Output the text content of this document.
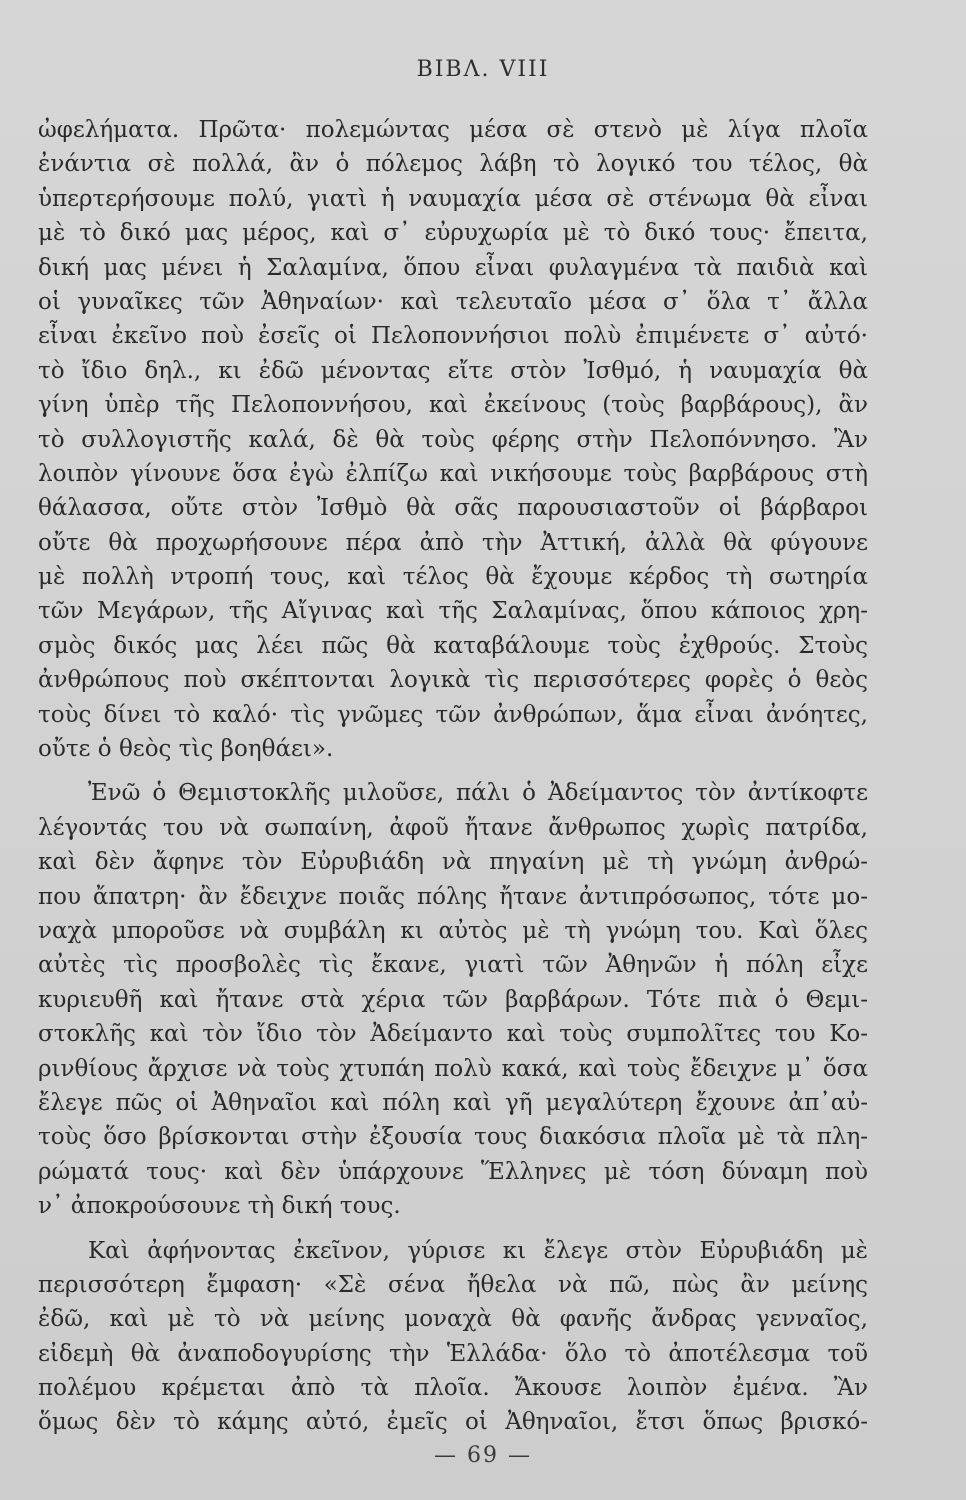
ΒΙΒΛ. VIII
ὠφελήματα. Πρῶτα· πολεμώντας μέσα σὲ στενὸ μὲ λίγα πλοῖα
ἐνάντια σὲ πολλά, ἂν ὁ πόλεμος λάβη τὸ λογικό του τέλος, θὰ
ὑπερτερήσουμε πολύ, γιατὶ ἡ ναυμαχία μέσα σὲ στένωμα θὰ εἶναι
μὲ τὸ δικό μας μέρος, καὶ σ᾽ εὐρυχωρία μὲ τὸ δικό τους· ἔπειτα,
δική μας μένει ἡ Σαλαμίνα, ὅπου εἶναι φυλαγμένα τὰ παιδιὰ καὶ
οἱ γυναῖκες τῶν Ἀθηναίων· καὶ τελευταῖο μέσα σ᾽ ὅλα τ᾽ ἄλλα
εἶναι ἐκεῖνο ποὺ ἐσεῖς οἱ Πελοποννήσιοι πολὺ ἐπιμένετε σ᾽ αὐτό·
τὸ ἴδιο δηλ., κι ἐδῶ μένοντας εἴτε στὸν Ἰσθμό, ἡ ναυμαχία θὰ
γίνη ὑπὲρ τῆς Πελοποννήσου, καὶ ἐκείνους (τοὺς βαρβάρους), ἂν
τὸ συλλογιστῆς καλά, δὲ θὰ τοὺς φέρης στὴν Πελοπόννησο. Ἂν
λοιπὸν γίνουνε ὅσα ἐγὼ ἐλπίζω καὶ νικήσουμε τοὺς βαρβάρους στὴ
θάλασσα, οὔτε στὸν Ἰσθμὸ θὰ σᾶς παρουσιαστοῦν οἱ βάρβαροι
οὔτε θὰ προχωρήσουνε πέρα ἀπὸ τὴν Ἀττική, ἀλλὰ θὰ φύγουνε
μὲ πολλὴ ντροπή τους, καὶ τέλος θὰ ἔχουμε κέρδος τὴ σωτηρία
τῶν Μεγάρων, τῆς Αἴγινας καὶ τῆς Σαλαμίνας, ὅπου κάποιος χρη-
σμὸς δικός μας λέει πῶς θὰ καταβάλουμε τοὺς ἐχθρούς. Στοὺς
ἀνθρώπους ποὺ σκέπτονται λογικὰ τὶς περισσότερες φορὲς ὁ θεὸς
τοὺς δίνει τὸ καλό· τὶς γνῶμες τῶν ἀνθρώπων, ἅμα εἶναι ἀνόητες,
οὔτε ὁ θεὸς τὶς βοηθάει».
Ἐνῶ ὁ Θεμιστοκλῆς μιλοῦσε, πάλι ὁ Ἀδείμαντος τὸν ἀντίκοφτε
λέγοντάς του νὰ σωπαίνη, ἀφοῦ ἤτανε ἄνθρωπος χωρὶς πατρίδα,
καὶ δὲν ἄφηνε τὸν Εὐρυβιάδη νὰ πηγαίνη μὲ τὴ γνώμη ἀνθρώ-
που ἄπατρη· ἂν ἔδειχνε ποιᾶς πόλης ἤτανε ἀντιπρόσωπος, τότε μο-
ναχὰ μποροῦσε νὰ συμβάλη κι αὐτὸς μὲ τὴ γνώμη του. Καὶ ὅλες
αὐτὲς τὶς προσβολὲς τὶς ἔκανε, γιατὶ τῶν Ἀθηνῶν ἡ πόλη εἶχε
κυριευθῆ καὶ ἤτανε στὰ χέρια τῶν βαρβάρων. Τότε πιὰ ὁ Θεμι-
στοκλῆς καὶ τὸν ἴδιο τὸν Ἀδείμαντο καὶ τοὺς συμπολῖτες του Κο-
ρινθίους ἄρχισε νὰ τοὺς χτυπάη πολὺ κακά, καὶ τοὺς ἔδειχνε μ᾽ ὅσα
ἔλεγε πῶς οἱ Ἀθηναῖοι καὶ πόλη καὶ γῆ μεγαλύτερη ἔχουνε ἀπ᾽αὐ-
τοὺς ὅσο βρίσκονται στὴν ἐξουσία τους διακόσια πλοῖα μὲ τὰ πλη-
ρώματά τους· καὶ δὲν ὑπάρχουνε Ἕλληνες μὲ τόση δύναμη ποὺ
ν᾽ ἀποκρούσουνε τὴ δική τους.
Καὶ ἀφήνοντας ἐκεῖνον, γύρισε κι ἔλεγε στὸν Εὐρυβιάδη μὲ
περισσότερη ἔμφαση· «Σὲ σένα ἤθελα νὰ πῶ, πὼς ἂν μείνης
ἐδῶ, καὶ μὲ τὸ νὰ μείνης μοναχὰ θὰ φανῆς ἄνδρας γενναῖος,
εἰδεμὴ θὰ ἀναποδογυρίσης τὴν Ἑλλάδα· ὅλο τὸ ἀποτέλεσμα τοῦ
πολέμου κρέμεται ἀπὸ τὰ πλοῖα. Ἄκουσε λοιπὸν ἐμένα. Ἂν
ὅμως δὲν τὸ κάμης αὐτό, ἐμεῖς οἱ Ἀθηναῖοι, ἔτσι ὅπως βρισκό-
— 69 —
